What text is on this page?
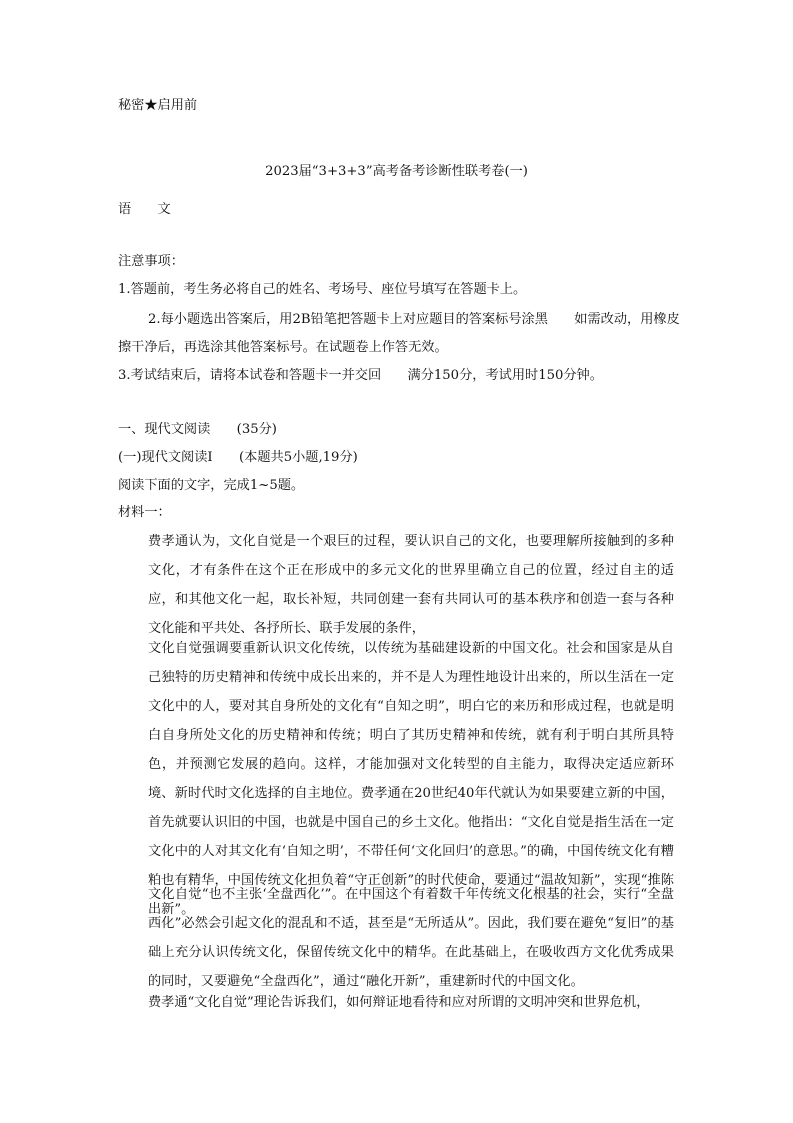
秘密★启用前
2023届“3+3+3”高考备考诊断性联考卷(一)
语　　文
注意事项：
1.答题前，考生务必将自己的姓名、考场号、座位号填写在答题卡上。
2.每小题选出答案后，用2B铅笔把答题卡上对应题目的答案标号涂黑　　如需改动，用橡皮
擦干净后，再选涂其他答案标号。在试题卷上作答无效。
3.考试结束后，请将本试卷和答题卡一并交回　　满分150分，考试用时150分钟。
一、现代文阅读　　(35分)
(一)现代文阅读Ⅰ　　(本题共5小题,19分)
阅读下面的文字，完成1~5题。
材料一：
费孝通认为，文化自觉是一个艰巨的过程，要认识自己的文化，也要理解所接触到的多种文化，才有条件在这个正在形成中的多元文化的世界里确立自己的位置，经过自主的适应，和其他文化一起，取长补短，共同创建一套有共同认可的基本秩序和创造一套与各种文化能和平共处、各抒所长、联手发展的条件，
文化自觉强调要重新认识文化传统，以传统为基础建设新的中国文化。社会和国家是从自己独特的历史精神和传统中成长出来的，并不是人为理性地设计出来的，所以生活在一定文化中的人，要对其自身所处的文化有“自知之明”，明白它的来历和形成过程，也就是明白自身所处文化的历史精神和传统；明白了其历史精神和传统，就有利于明白其所具特色，并预测它发展的趋向。这样，才能加强对文化转型的自主能力，取得决定适应新环境、新时代时文化选择的自主地位。费孝通在20世纪40年代就认为如果要建立新的中国，首先就要认识旧的中国，也就是中国自己的乡土文化。他指出：“文化自觉是指生活在一定文化中的人对其文化有‘自知之明’，不带任何‘文化回归’的意思。”的确，中国传统文化有糟粕也有精华，中国传统文化担负着“守正创新”的时代使命，要通过“温故知新”，实现“推陈出新”。
文化自觉“也不主张‘全盘西化’”。在中国这个有着数千年传统文化根基的社会，实行“全盘西化”必然会引起文化的混乱和不适，甚至是“无所适从”。因此，我们要在避免“复旧”的基础上充分认识传统文化，保留传统文化中的精华。在此基础上，在吸收西方文化优秀成果的同时，又要避免“全盘西化”，通过“融化开新”，重建新时代的中国文化。
费孝通“文化自觉”理论告诉我们，如何辩证地看待和应对所谓的文明冲突和世界危机，
